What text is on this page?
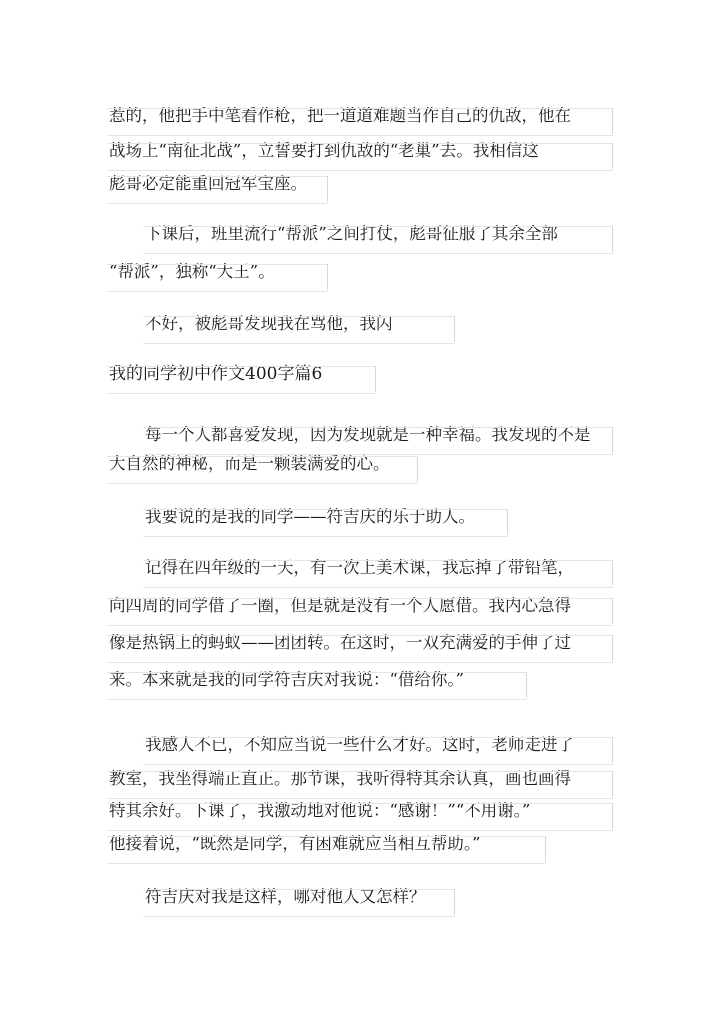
惹的，他把手中笔看作枪，把一道道难题当作自己的仇敌，他在
战场上“南征北战”，立誓要打到仇敌的“老巢”去。我相信这
彪哥必定能重回冠军宝座。
下课后，班里流行“帮派”之间打仗，彪哥征服了其余全部
“帮派”，独称“大王”。
不好，被彪哥发现我在骂他，我闪
我的同学初中作文400字篇6
每一个人都喜爱发现，因为发现就是一种幸福。我发现的不是
大自然的神秘，而是一颗装满爱的心。
我要说的是我的同学——符吉庆的乐于助人。
记得在四年级的一天，有一次上美术课，我忘掉了带铅笔，
向四周的同学借了一圈，但是就是没有一个人愿借。我内心急得
像是热锅上的蚂蚁——团团转。在这时，一双充满爱的手伸了过
来。本来就是我的同学符吉庆对我说：“借给你。”
我感人不已，不知应当说一些什么才好。这时，老师走进了
教室，我坐得端正直正。那节课，我听得特其余认真，画也画得
特其余好。下课了，我激动地对他说：“感谢！”“不用谢。”
他接着说，“既然是同学，有困难就应当相互帮助。”
符吉庆对我是这样，哪对他人又怎样？
